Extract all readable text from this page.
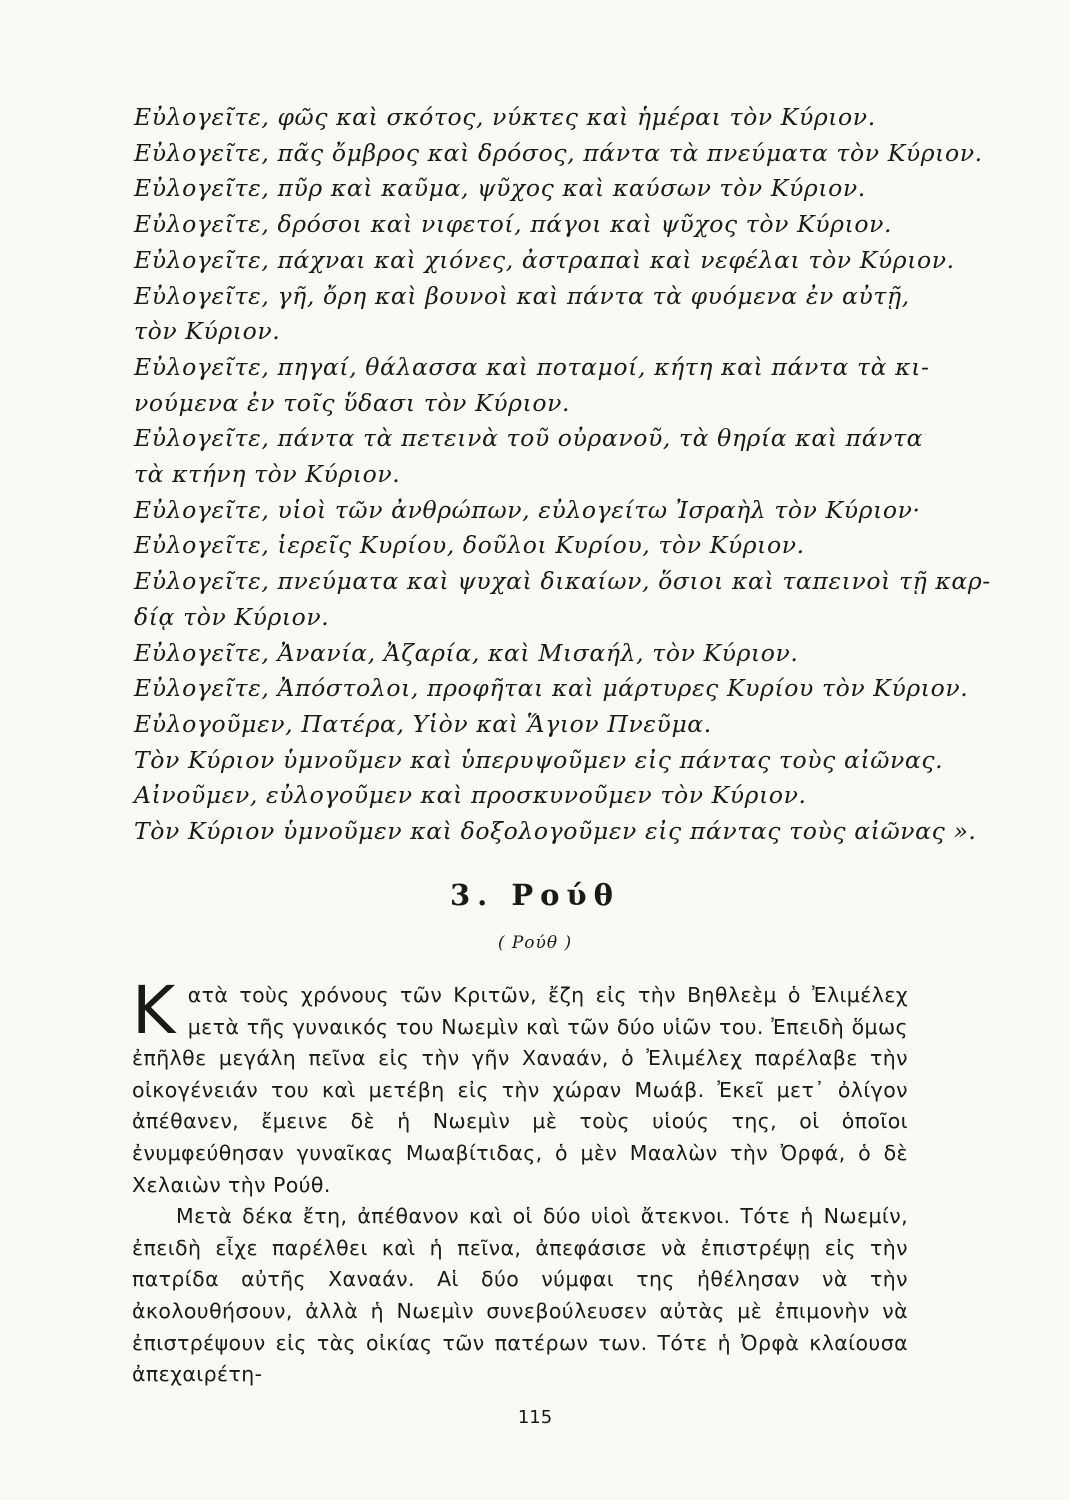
Εὐλογεῖτε, φῶς καὶ σκότος, νύκτες καὶ ἡμέραι τὸν Κύριον.
Εὐλογεῖτε, πᾶς ὄμβρος καὶ δρόσος, πάντα τὰ πνεύματα τὸν Κύριον.
Εὐλογεῖτε, πῦρ καὶ καῦμα, ψῦχος καὶ καύσων τὸν Κύριον.
Εὐλογεῖτε, δρόσοι καὶ νιφετοί, πάγοι καὶ ψῦχος τὸν Κύριον.
Εὐλογεῖτε, πάχναι καὶ χιόνες, ἀστραπαὶ καὶ νεφέλαι τὸν Κύριον.
Εὐλογεῖτε, γῆ, ὄρη καὶ βουνοὶ καὶ πάντα τὰ φυόμενα ἐν αὐτῇ,
τὸν Κύριον.
Εὐλογεῖτε, πηγαί, θάλασσα καὶ ποταμοί, κήτη καὶ πάντα τὰ κι-
νούμενα ἐν τοῖς ὕδασι τὸν Κύριον.
Εὐλογεῖτε, πάντα τὰ πετεινὰ τοῦ οὐρανοῦ, τὰ θηρία καὶ πάντα
τὰ κτήνη τὸν Κύριον.
Εὐλογεῖτε, υἱοὶ τῶν ἀνθρώπων, εὐλογείτω Ἰσραὴλ τὸν Κύριον·
Εὐλογεῖτε, ἱερεῖς Κυρίου, δοῦλοι Κυρίου, τὸν Κύριον.
Εὐλογεῖτε, πνεύματα καὶ ψυχαὶ δικαίων, ὅσιοι καὶ ταπεινοὶ τῇ καρ-
δίᾳ τὸν Κύριον.
Εὐλογεῖτε, Ἀνανία, Ἀζαρία, καὶ Μισαήλ, τὸν Κύριον.
Εὐλογεῖτε, Ἀπόστολοι, προφῆται καὶ μάρτυρες Κυρίου τὸν Κύριον.
Εὐλογοῦμεν, Πατέρα, Υἱὸν καὶ Ἅγιον Πνεῦμα.
Τὸν Κύριον ὑμνοῦμεν καὶ ὑπερυψοῦμεν εἰς πάντας τοὺς αἰῶνας.
Αἰνοῦμεν, εὐλογοῦμεν καὶ προσκυνοῦμεν τὸν Κύριον.
Τὸν Κύριον ὑμνοῦμεν καὶ δοξολογοῦμεν εἰς πάντας τοὺς αἰῶνας ».
3. Ρούθ
( Ρούθ )

Κατὰ τοὺς χρόνους τῶν Κριτῶν, ἔζη εἰς τὴν Βηθλεὲμ ὁ Ἐλιμέλεχ μετὰ τῆς γυναικός του Νωεμὶν καὶ τῶν δύο υἱῶν του. Ἐπειδὴ ὅμως ἐπῆλθε μεγάλη πεῖνα εἰς τὴν γῆν Χαναάν, ὁ Ἐλιμέλεχ παρέλαβε τὴν οἰκογένειάν του καὶ μετέβη εἰς τὴν χώραν Μωάβ. Ἐκεῖ μετ᾽ ὀλίγον ἀπέθανεν, ἔμεινε δὲ ἡ Νωεμὶν μὲ τοὺς υἱούς της, οἱ ὁποῖοι ἐνυμφεύθησαν γυναῖκας Μωαβίτιδας, ὁ μὲν Μααλὼν τὴν Ὀρφά, ὁ δὲ Χελαιὼν τὴν Ρούθ.

Μετὰ δέκα ἔτη, ἀπέθανον καὶ οἱ δύο υἱοὶ ἄτεκνοι. Τότε ἡ Νωεμίν, ἐπειδὴ εἶχε παρέλθει καὶ ἡ πεῖνα, ἀπεφάσισε νὰ ἐπιστρέψῃ εἰς τὴν πατρίδα αὐτῆς Χαναάν. Αἱ δύο νύμφαι της ἠθέλησαν νὰ τὴν ἀκολουθήσουν, ἀλλὰ ἡ Νωεμὶν συνεβούλευσεν αὐτὰς μὲ ἐπιμονὴν νὰ ἐπιστρέψουν εἰς τὰς οἰκίας τῶν πατέρων των. Τότε ἡ Ὀρφὰ κλαίουσα ἀπεχαιρέτη-

115
